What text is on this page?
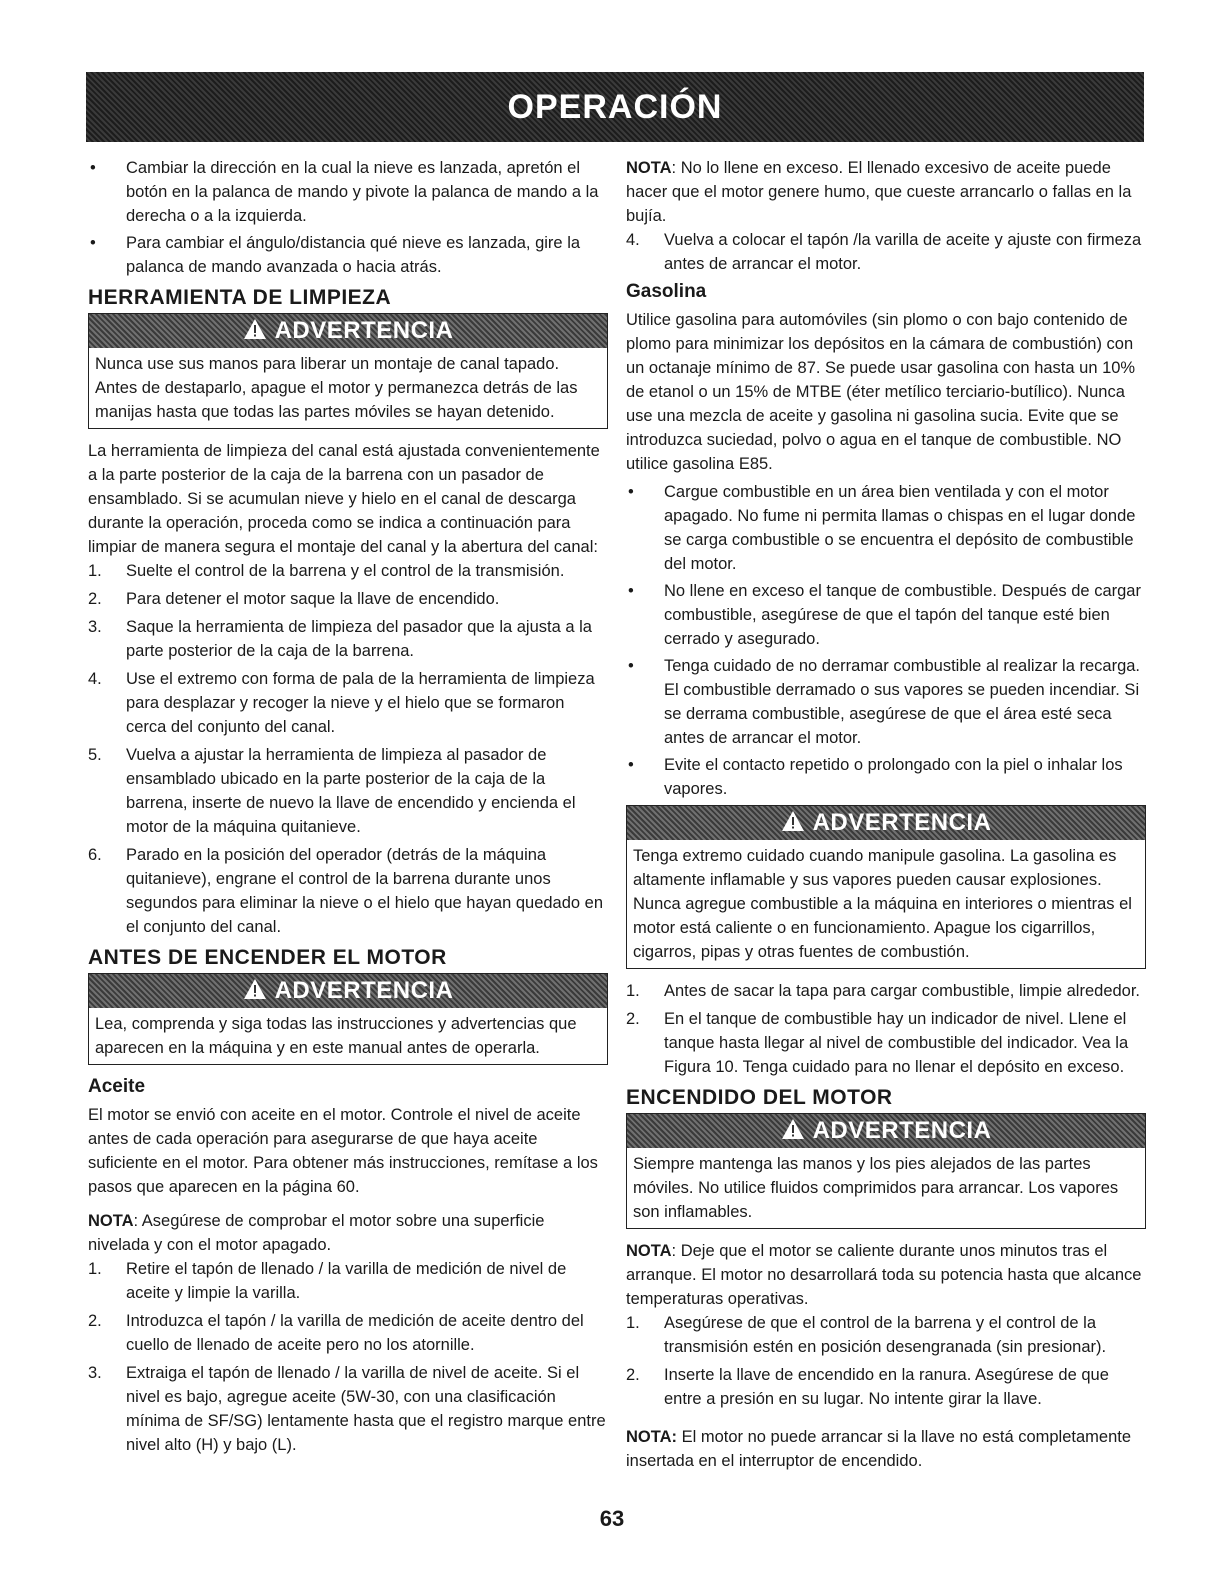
OPERACIÓN
• Cambiar la dirección en la cual la nieve es lanzada, apretón el botón en la palanca de mando y pivote la palanca de mando a la derecha o a la izquierda.
• Para cambiar el ángulo/distancia qué nieve es lanzada, gire la palanca de mando avanzada o hacia atrás.
HERRAMIENTA DE LIMPIEZA
ADVERTENCIA
Nunca use sus manos para liberar un montaje de canal tapado. Antes de destaparlo, apague el motor y permanezca detrás de las manijas hasta que todas las partes móviles se hayan detenido.

La herramienta de limpieza del canal está ajustada convenientemente a la parte posterior de la caja de la barrena con un pasador de ensamblado. Si se acumulan nieve y hielo en el canal de descarga durante la operación, proceda como se indica a continuación para limpiar de manera segura el montaje del canal y la abertura del canal:

1. Suelte el control de la barrena y el control de la transmisión.
2. Para detener el motor saque la llave de encendido.
3. Saque la herramienta de limpieza del pasador que la ajusta a la parte posterior de la caja de la barrena.
4. Use el extremo con forma de pala de la herramienta de limpieza para desplazar y recoger la nieve y el hielo que se formaron cerca del conjunto del canal.
5. Vuelva a ajustar la herramienta de limpieza al pasador de ensamblado ubicado en la parte posterior de la caja de la barrena, inserte de nuevo la llave de encendido y encienda el motor de la máquina quitanieve.
6. Parado en la posición del operador (detrás de la máquina quitanieve), engrane el control de la barrena durante unos segundos para eliminar la nieve o el hielo que hayan quedado en el conjunto del canal.
ANTES DE ENCENDER EL MOTOR
ADVERTENCIA
Lea, comprenda y siga todas las instrucciones y advertencias que aparecen en la máquina y en este manual antes de operarla.
Aceite

El motor se envió con aceite en el motor. Controle el nivel de aceite antes de cada operación para asegurarse de que haya aceite suficiente en el motor. Para obtener más instrucciones, remítase a los pasos que aparecen en la página 60.

NOTA: Asegúrese de comprobar el motor sobre una superficie nivelada y con el motor apagado.

1. Retire el tapón de llenado / la varilla de medición de nivel de aceite y limpie la varilla.
2. Introduzca el tapón / la varilla de medición de aceite dentro del cuello de llenado de aceite pero no los atornille.
3. Extraiga el tapón de llenado / la varilla de nivel de aceite. Si el nivel es bajo, agregue aceite (5W-30, con una clasificación mínima de SF/SG) lentamente hasta que el registro marque entre nivel alto (H) y bajo (L).

NOTA: No lo llene en exceso. El llenado excesivo de aceite puede hacer que el motor genere humo, que cueste arrancarlo o fallas en la bujía.

4. Vuelva a colocar el tapón /la varilla de aceite y ajuste con firmeza antes de arrancar el motor.
Gasolina

Utilice gasolina para automóviles (sin plomo o con bajo contenido de plomo para minimizar los depósitos en la cámara de combustión) con un octanaje mínimo de 87. Se puede usar gasolina con hasta un 10% de etanol o un 15% de MTBE (éter metílico terciario-butílico). Nunca use una mezcla de aceite y gasolina ni gasolina sucia. Evite que se introduzca suciedad, polvo o agua en el tanque de combustible. NO utilice gasolina E85.

• Cargue combustible en un área bien ventilada y con el motor apagado. No fume ni permita llamas o chispas en el lugar donde se carga combustible o se encuentra el depósito de combustible del motor.
• No llene en exceso el tanque de combustible. Después de cargar combustible, asegúrese de que el tapón del tanque esté bien cerrado y asegurado.
• Tenga cuidado de no derramar combustible al realizar la recarga. El combustible derramado o sus vapores se pueden incendiar. Si se derrama combustible, asegúrese de que el área esté seca antes de arrancar el motor.
• Evite el contacto repetido o prolongado con la piel o inhalar los vapores.
ADVERTENCIA
Tenga extremo cuidado cuando manipule gasolina. La gasolina es altamente inflamable y sus vapores pueden causar explosiones. Nunca agregue combustible a la máquina en interiores o mientras el motor está caliente o en funcionamiento. Apague los cigarrillos, cigarros, pipas y otras fuentes de combustión.
1. Antes de sacar la tapa para cargar combustible, limpie alrededor.
2. En el tanque de combustible hay un indicador de nivel. Llene el tanque hasta llegar al nivel de combustible del indicador. Vea la Figura 10. Tenga cuidado para no llenar el depósito en exceso.
ENCENDIDO DEL MOTOR
ADVERTENCIA
Siempre mantenga las manos y los pies alejados de las partes móviles. No utilice fluidos comprimidos para arrancar. Los vapores son inflamables.

NOTA: Deje que el motor se caliente durante unos minutos tras el arranque. El motor no desarrollará toda su potencia hasta que alcance temperaturas operativas.

1. Asegúrese de que el control de la barrena y el control de la transmisión estén en posición desengranada (sin presionar).
2. Inserte la llave de encendido en la ranura. Asegúrese de que entre a presión en su lugar. No intente girar la llave.

NOTA: El motor no puede arrancar si la llave no está completamente insertada en el interruptor de encendido.

63
